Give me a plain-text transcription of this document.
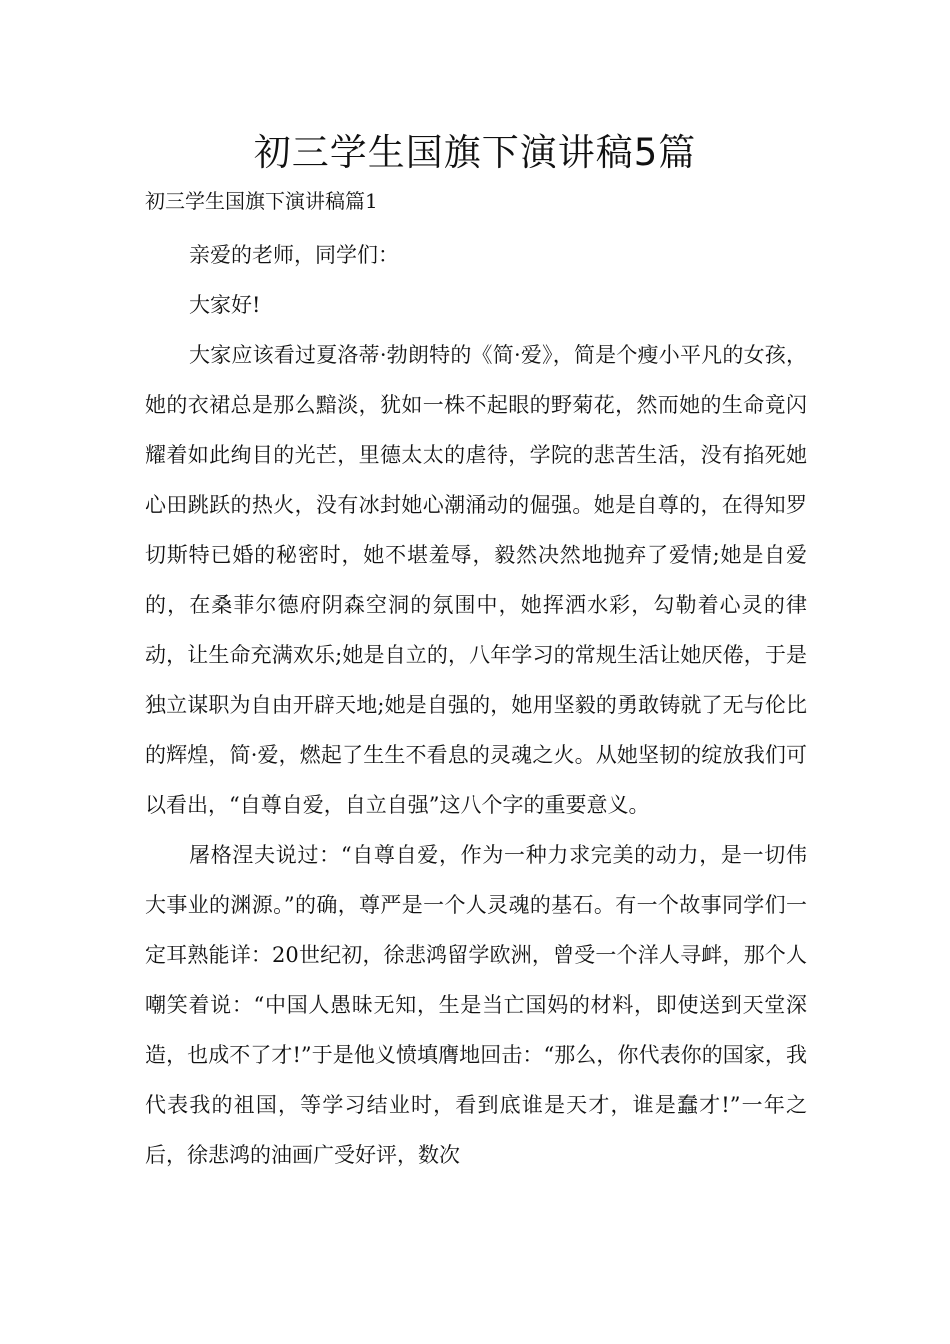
初三学生国旗下演讲稿5篇
初三学生国旗下演讲稿篇1

亲爱的老师，同学们：

大家好!

大家应该看过夏洛蒂·勃朗特的《简·爱》，简是个瘦小平凡的女孩，她的衣裙总是那么黯淡，犹如一株不起眼的野菊花，然而她的生命竟闪耀着如此绚目的光芒，里德太太的虐待，学院的悲苦生活，没有掐死她心田跳跃的热火，没有冰封她心潮涌动的倔强。她是自尊的，在得知罗切斯特已婚的秘密时，她不堪羞辱，毅然决然地抛弃了爱情;她是自爱的，在桑菲尔德府阴森空洞的氛围中，她挥洒水彩，勾勒着心灵的律动，让生命充满欢乐;她是自立的，八年学习的常规生活让她厌倦，于是独立谋职为自由开辟天地;她是自强的，她用坚毅的勇敢铸就了无与伦比的辉煌，简·爱，燃起了生生不看息的灵魂之火。从她坚韧的绽放我们可以看出，“自尊自爱，自立自强”这八个字的重要意义。

屠格涅夫说过：“自尊自爱，作为一种力求完美的动力，是一切伟大事业的渊源。”的确，尊严是一个人灵魂的基石。有一个故事同学们一定耳熟能详：20世纪初，徐悲鸿留学欧洲，曾受一个洋人寻衅，那个人嘲笑着说：“中国人愚昧无知，生是当亡国妈的材料，即使送到天堂深造，也成不了才!”于是他义愤填膺地回击：“那么，你代表你的国家，我代表我的祖国，等学习结业时，看到底谁是天才，谁是蠢才!”一年之后，徐悲鸿的油画广受好评，数次
